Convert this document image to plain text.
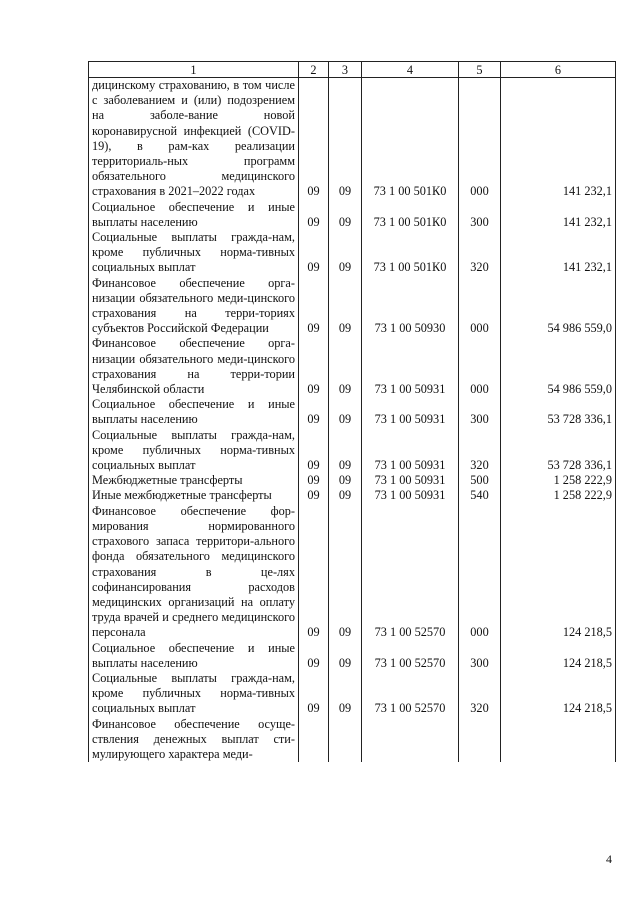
1	2	3	4	5	6
дицинскому страхованию, в том числе с заболеванием и (или) подозрением на заболе-вание новой коронавирусной инфекцией (COVID-19), в рам-ках реализации территориаль-ных программ обязательного медицинского страхования в 2021–2022 годах	09	09	73 1 00 501К0	000	141 232,1
Социальное обеспечение и иные выплаты населению	09	09	73 1 00 501К0	300	141 232,1
Социальные выплаты гражда-нам, кроме публичных норма-тивных социальных выплат	09	09	73 1 00 501К0	320	141 232,1
Финансовое обеспечение орга-низации обязательного меди-цинского страхования на терри-ториях субъектов Российской Федерации	09	09	73 1 00 50930	000	54 986 559,0
Финансовое обеспечение орга-низации обязательного меди-цинского страхования на терри-тории Челябинской области	09	09	73 1 00 50931	000	54 986 559,0
Социальное обеспечение и иные выплаты населению	09	09	73 1 00 50931	300	53 728 336,1
Социальные выплаты гражда-нам, кроме публичных норма-тивных социальных выплат	09	09	73 1 00 50931	320	53 728 336,1
Межбюджетные трансферты	09	09	73 1 00 50931	500	1 258 222,9
Иные межбюджетные трансферты	09	09	73 1 00 50931	540	1 258 222,9
Финансовое обеспечение фор-мирования нормированного страхового запаса территори-ального фонда обязательного медицинского страхования в це-лях софинансирования расходов медицинских организаций на оплату труда врачей и среднего медицинского персонала	09	09	73 1 00 52570	000	124 218,5
Социальное обеспечение и иные выплаты населению	09	09	73 1 00 52570	300	124 218,5
Социальные выплаты гражда-нам, кроме публичных норма-тивных социальных выплат	09	09	73 1 00 52570	320	124 218,5
Финансовое обеспечение осуще-ствления денежных выплат сти-мулирующего характера меди-					
4
